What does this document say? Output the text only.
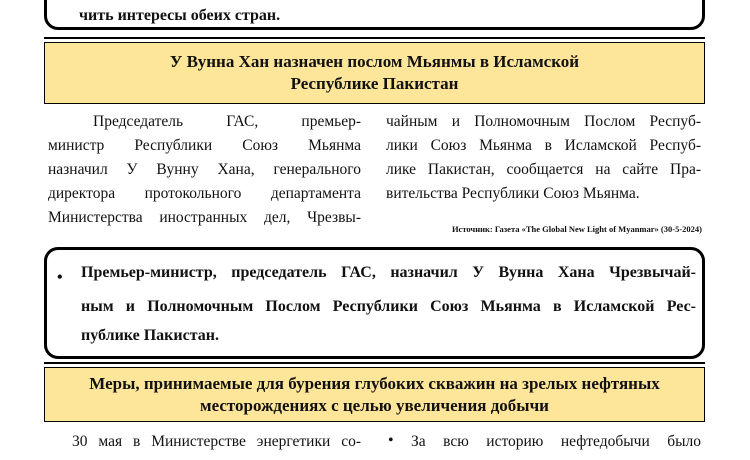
чить интересы обеих стран.
У Вунна Хан назначен послом Мьянмы в Исламской
Республике Пакистан
Председатель ГАС, премьер-
министр Республики Союз Мьянма
назначил У Вунну Хана, генерального
директора протокольного департамента
Министерства иностранных дел, Чрезвы-
чайным и Полномочным Послом Респуб-
лики Союз Мьянма в Исламской Респуб-
лике Пакистан, сообщается на сайте Пра-
вительства Республики Союз Мьянма.
Источник: Газета «The Global New Light of Myanmar» (30-5-2024)
• Премьер-министр, председатель ГАС, назначил У Вунна Хана Чрезвычай-
ным и Полномочным Послом Республики Союз Мьянма в Исламской Рес-
публике Пакистан.
Меры, принимаемые для бурения глубоких скважин на зрелых нефтяных
месторождениях с целью увеличения добычи
30 мая в Министерстве энергетики со- • За всю историю нефтедобычи было
